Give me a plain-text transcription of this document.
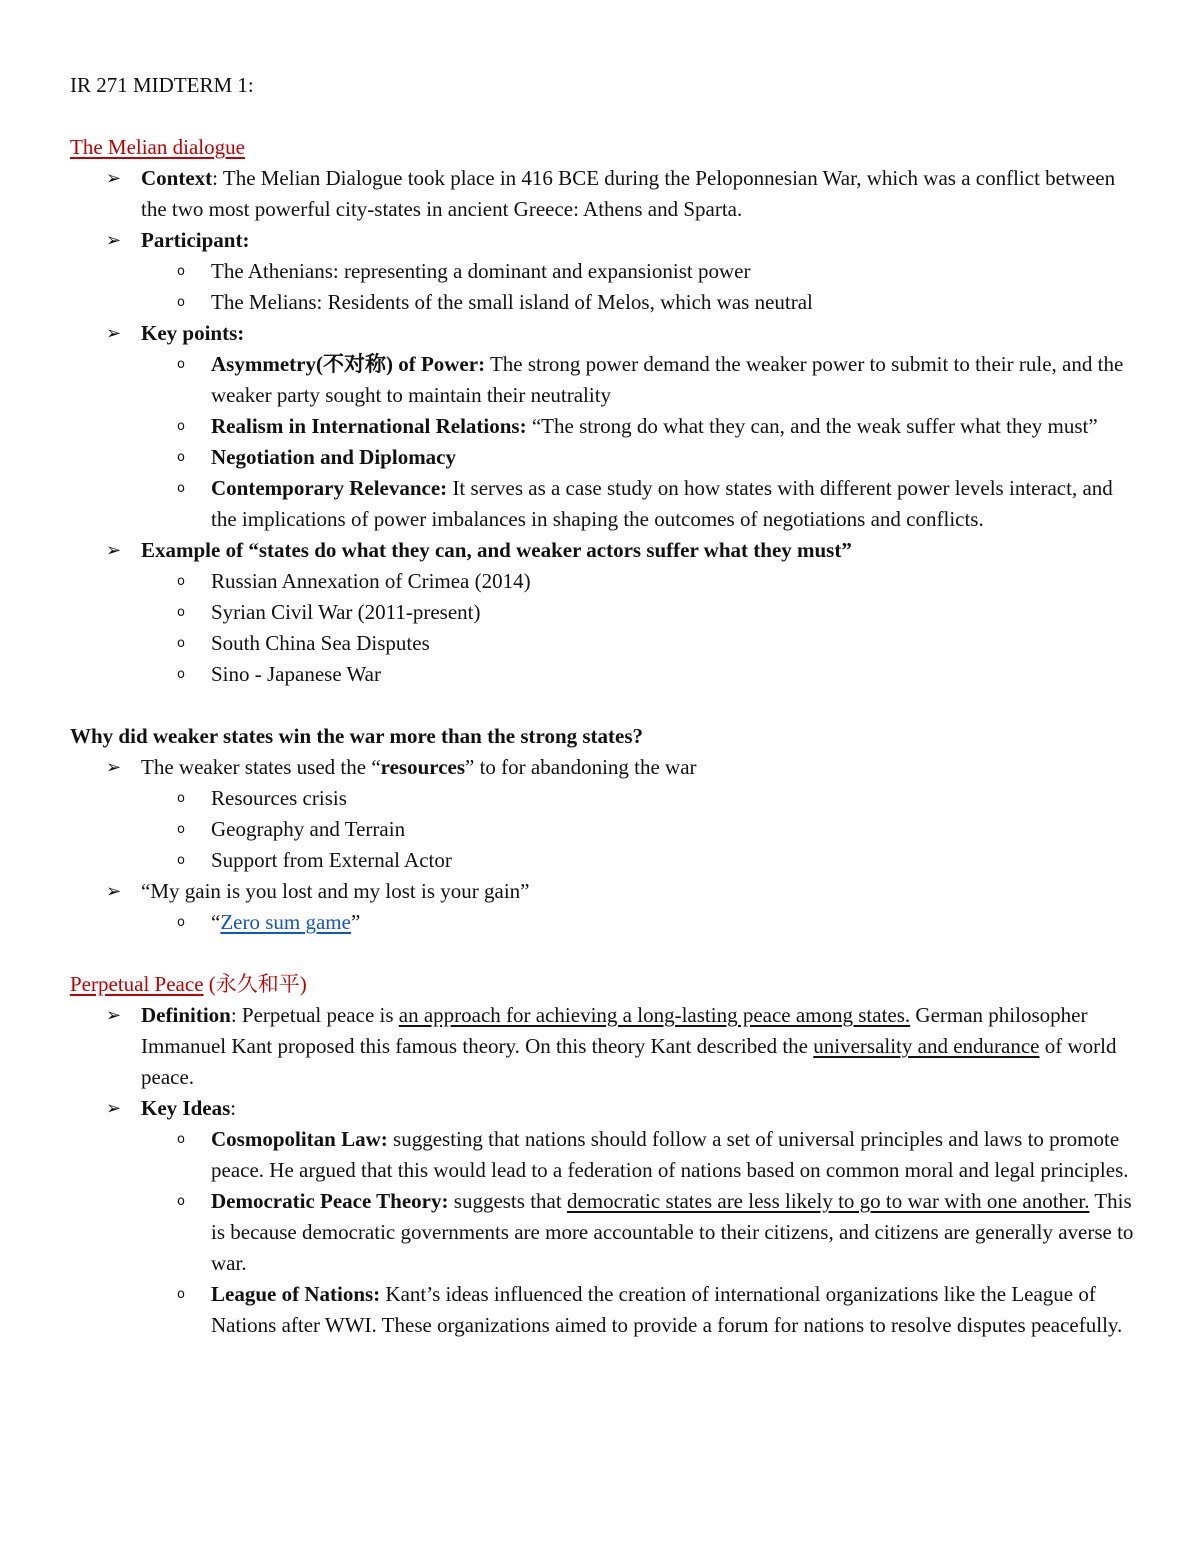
IR 271 MIDTERM 1:

The Melian dialogue

➢ Context: The Melian Dialogue took place in 416 BCE during the Peloponnesian War, which was a conflict between the two most powerful city-states in ancient Greece: Athens and Sparta.
➢ Participant:
o	The Athenians: representing a dominant and expansionist power
o	The Melians: Residents of the small island of Melos, which was neutral
➢ Key points:
o	Asymmetry(不对称) of Power: The strong power demand the weaker power to submit to their rule, and the weaker party sought to maintain their neutrality
o	Realism in International Relations: “The strong do what they can, and the weak suffer what they must”
o	Negotiation and Diplomacy
o	Contemporary Relevance: It serves as a case study on how states with different power levels interact, and the implications of power imbalances in shaping the outcomes of negotiations and conflicts.
➢ Example of “states do what they can, and weaker actors suffer what they must”
o	Russian Annexation of Crimea (2014)
o	Syrian Civil War (2011-present)
o	South China Sea Disputes
o	Sino - Japanese War

Why did weaker states win the war more than the strong states?

➢ The weaker states used the “resources” to for abandoning the war
o	Resources crisis
o	Geography and Terrain
o	Support from External Actor
➢ “My gain is you lost and my lost is your gain”
o	“Zero sum game”

Perpetual Peace (永久和平)

➢ Definition: Perpetual peace is an approach for achieving a long-lasting peace among states. German philosopher Immanuel Kant proposed this famous theory. On this theory Kant described the universality and endurance of world peace.
➢ Key Ideas:
o	Cosmopolitan Law: suggesting that nations should follow a set of universal principles and laws to promote peace. He argued that this would lead to a federation of nations based on common moral and legal principles.
o	Democratic Peace Theory: suggests that democratic states are less likely to go to war with one another. This is because democratic governments are more accountable to their citizens, and citizens are generally averse to war.
o	League of Nations: Kant’s ideas influenced the creation of international organizations like the League of Nations after WWI. These organizations aimed to provide a forum for nations to resolve disputes peacefully.
